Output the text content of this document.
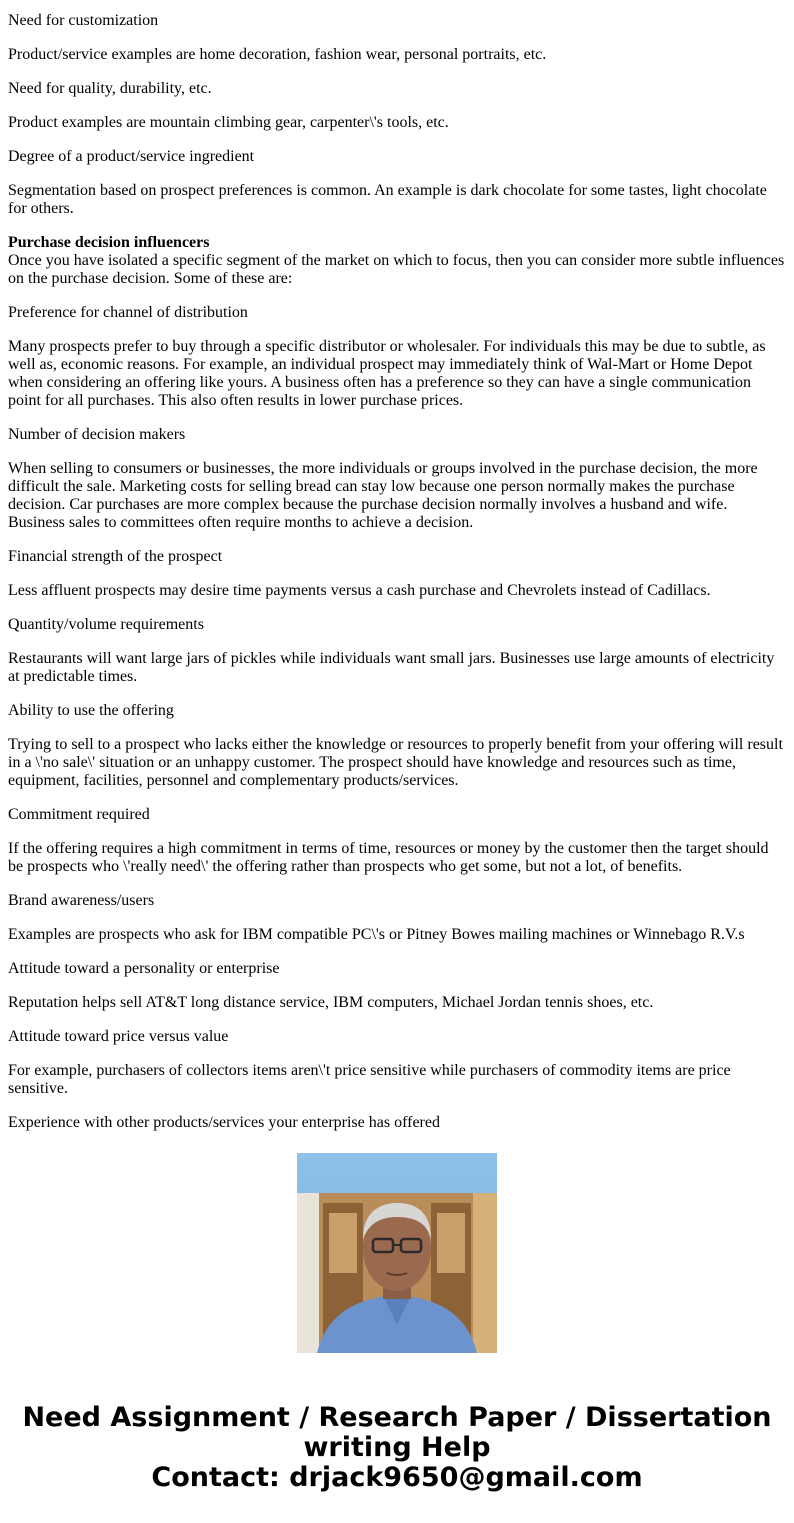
Need for customization

Product/service examples are home decoration, fashion wear, personal portraits, etc.

Need for quality, durability, etc.

Product examples are mountain climbing gear, carpenter\'s tools, etc.

Degree of a product/service ingredient

Segmentation based on prospect preferences is common. An example is dark chocolate for some tastes, light chocolate for others.

Purchase decision influencers
Once you have isolated a specific segment of the market on which to focus, then you can consider more subtle influences on the purchase decision. Some of these are:

Preference for channel of distribution

Many prospects prefer to buy through a specific distributor or wholesaler. For individuals this may be due to subtle, as well as, economic reasons. For example, an individual prospect may immediately think of Wal-Mart or Home Depot when considering an offering like yours. A business often has a preference so they can have a single communication point for all purchases. This also often results in lower purchase prices.

Number of decision makers

When selling to consumers or businesses, the more individuals or groups involved in the purchase decision, the more difficult the sale. Marketing costs for selling bread can stay low because one person normally makes the purchase decision. Car purchases are more complex because the purchase decision normally involves a husband and wife. Business sales to committees often require months to achieve a decision.

Financial strength of the prospect

Less affluent prospects may desire time payments versus a cash purchase and Chevrolets instead of Cadillacs.

Quantity/volume requirements

Restaurants will want large jars of pickles while individuals want small jars. Businesses use large amounts of electricity at predictable times.

Ability to use the offering

Trying to sell to a prospect who lacks either the knowledge or resources to properly benefit from your offering will result in a \'no sale\' situation or an unhappy customer. The prospect should have knowledge and resources such as time, equipment, facilities, personnel and complementary products/services.

Commitment required

If the offering requires a high commitment in terms of time, resources or money by the customer then the target should be prospects who \'really need\' the offering rather than prospects who get some, but not a lot, of benefits.

Brand awareness/users

Examples are prospects who ask for IBM compatible PC\'s or Pitney Bowes mailing machines or Winnebago R.V.s

Attitude toward a personality or enterprise

Reputation helps sell AT&T long distance service, IBM computers, Michael Jordan tennis shoes, etc.

Attitude toward price versus value

For example, purchasers of collectors items aren\'t price sensitive while purchasers of commodity items are price sensitive.

Experience with other products/services your enterprise has offered

Need Assignment / Research Paper / Dissertation
writing Help
Contact: drjack9650@gmail.com
